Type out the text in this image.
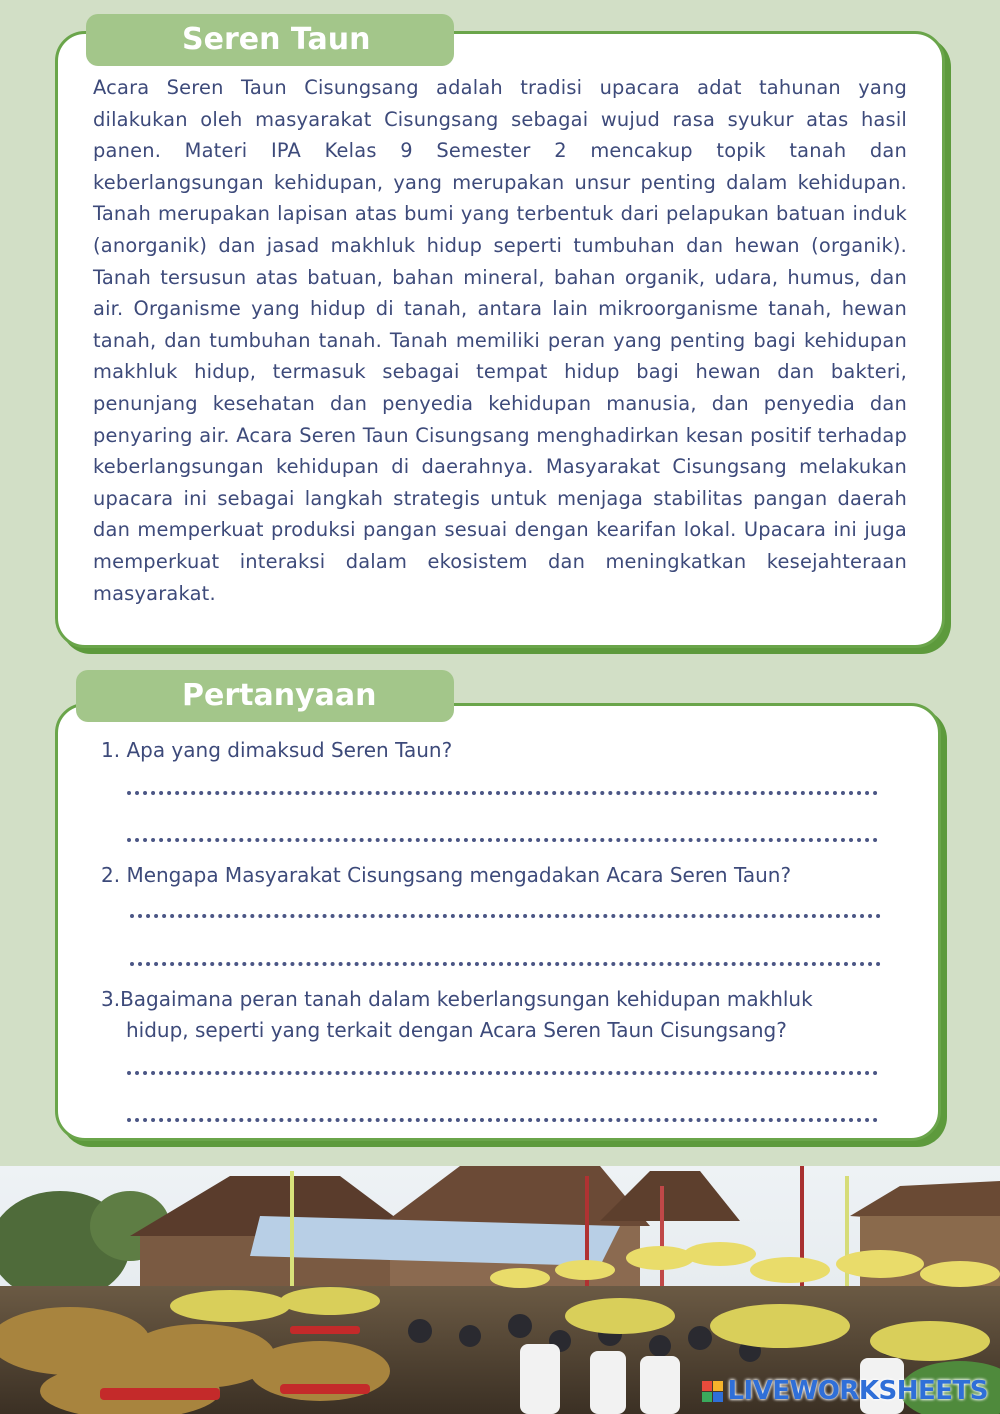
Seren Taun

Acara Seren Taun Cisungsang adalah tradisi upacara adat tahunan yang dilakukan oleh masyarakat Cisungsang sebagai wujud rasa syukur atas hasil panen. Materi IPA Kelas 9 Semester 2 mencakup topik tanah dan keberlangsungan kehidupan, yang merupakan unsur penting dalam kehidupan. Tanah merupakan lapisan atas bumi yang terbentuk dari pelapukan batuan induk (anorganik) dan jasad makhluk hidup seperti tumbuhan dan hewan (organik). Tanah tersusun atas batuan, bahan mineral, bahan organik, udara, humus, dan air. Organisme yang hidup di tanah, antara lain mikroorganisme tanah, hewan tanah, dan tumbuhan tanah. Tanah memiliki peran yang penting bagi kehidupan makhluk hidup, termasuk sebagai tempat hidup bagi hewan dan bakteri, penunjang kesehatan dan penyedia kehidupan manusia, dan penyedia dan penyaring air. Acara Seren Taun Cisungsang menghadirkan kesan positif terhadap keberlangsungan kehidupan di daerahnya. Masyarakat Cisungsang melakukan upacara ini sebagai langkah strategis untuk menjaga stabilitas pangan daerah dan memperkuat produksi pangan sesuai dengan kearifan lokal. Upacara ini juga memperkuat interaksi dalam ekosistem dan meningkatkan kesejahteraan masyarakat.

Pertanyaan

1. Apa yang dimaksud Seren Taun?

2. Mengapa Masyarakat Cisungsang mengadakan Acara Seren Taun?

3.Bagaimana peran tanah dalam keberlangsungan kehidupan makhluk
hidup, seperti yang terkait dengan Acara Seren Taun Cisungsang?

LIVEWORKSHEETS
